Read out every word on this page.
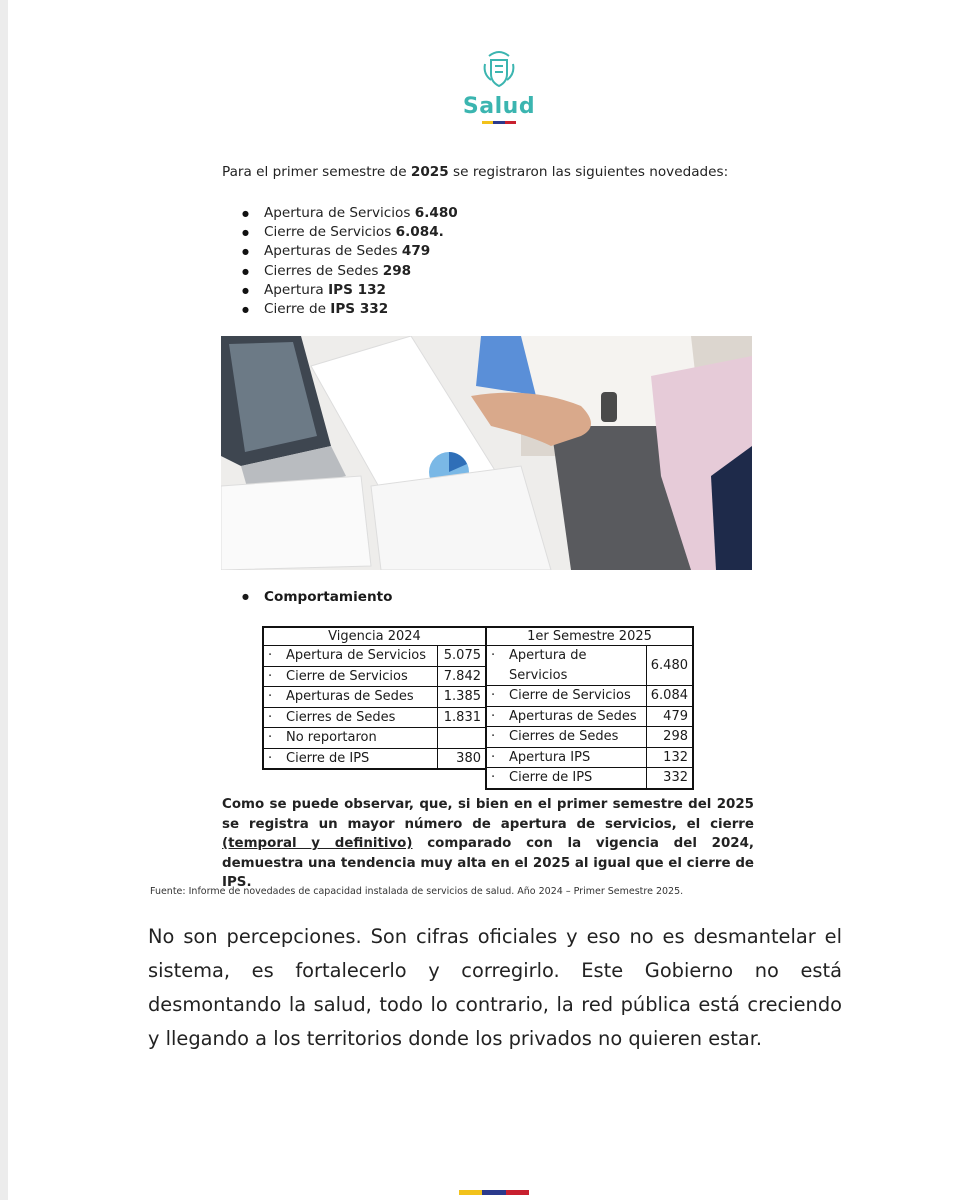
Salud
Para el primer semestre de 2025 se registraron las siguientes novedades:
● Apertura de Servicios 6.480
● Cierre de Servicios 6.084.
● Aperturas de Sedes 479
● Cierres de Sedes 298
● Apertura IPS 132
● Cierre de IPS 332
● Comportamiento
Vigencia 2024	
· Apertura de Servicios	5.075
· Cierre de Servicios	7.842
· Aperturas de Sedes	1.385
· Cierres de Sedes	1.831
· No reportaron	
· Cierre de IPS	380
1er Semestre 2025	
· Apertura de Servicios	6.480
· Cierre de Servicios	6.084
· Aperturas de Sedes	479
· Cierres de Sedes	298
· Apertura IPS	132
· Cierre de IPS	332
Como se puede observar, que, si bien en el primer semestre del 2025 se registra un mayor número de apertura de servicios, el cierre (temporal y definitivo) comparado con la vigencia del 2024, demuestra una tendencia muy alta en el 2025 al igual que el cierre de IPS.
Fuente: Informe de novedades de capacidad instalada de servicios de salud. Año 2024 – Primer Semestre 2025.
No son percepciones. Son cifras oficiales y eso no es desmantelar el sistema, es fortalecerlo y corregirlo. Este Gobierno no está desmontando la salud, todo lo contrario, la red pública está creciendo y llegando a los territorios donde los privados no quieren estar.
